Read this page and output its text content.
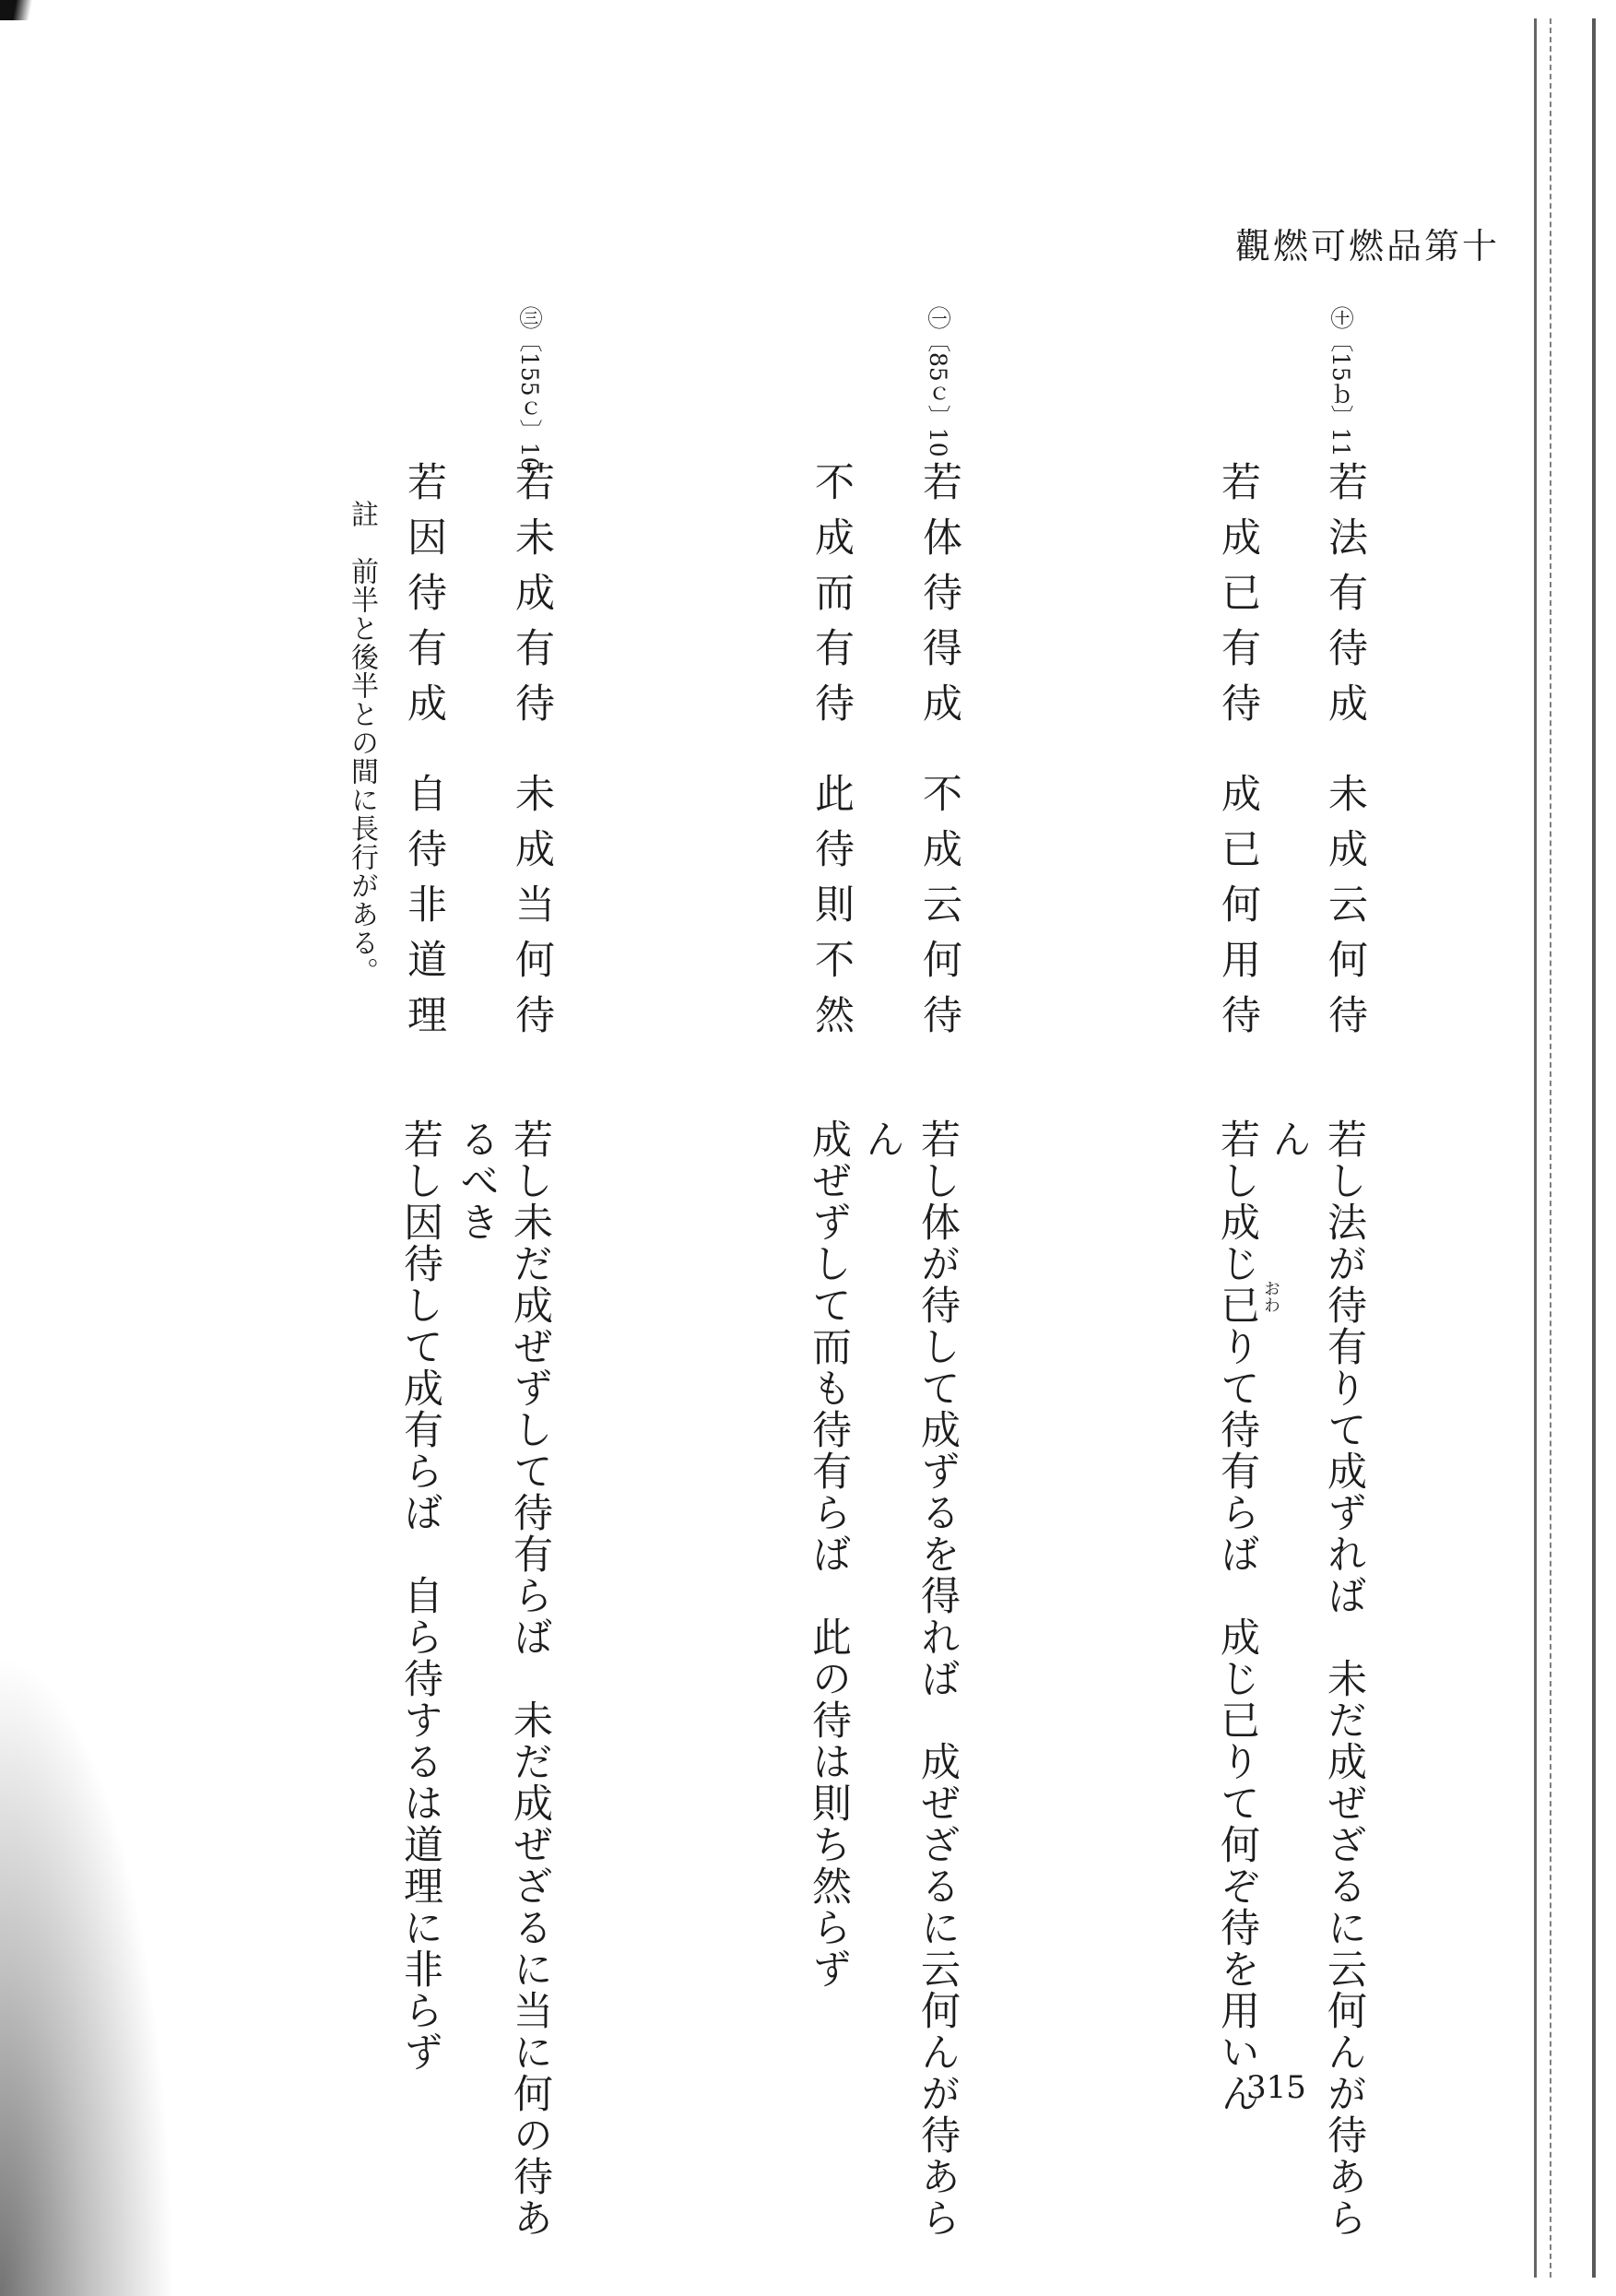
觀燃可燃品第十
㊉〔15ｂ〕11
若法有待成
未成云何待
若成已有待
成已何用待
若し法が待有りて成ずれば　未だ成ぜざるに云何んが待あら
ん
若し成じ已りて待有らば　成じ已りて何ぞ待を用いん おわ
㊀〔85ｃ〕10
若体待得成
不成云何待
不成而有待
此待則不然
若し体が待して成ずるを得れば　成ぜざるに云何んが待あら
ん
成ぜずして而も待有らば　此の待は則ち然らず
㊂〔155ｃ〕10
若未成有待
未成当何待
若因待有成
自待非道理
若し未だ成ぜずして待有らば　未だ成ぜざるに当に何の待あ
るべき
若し因待して成有らば　自ら待するは道理に非らず
註　前半と後半との間に長行がある。
315
